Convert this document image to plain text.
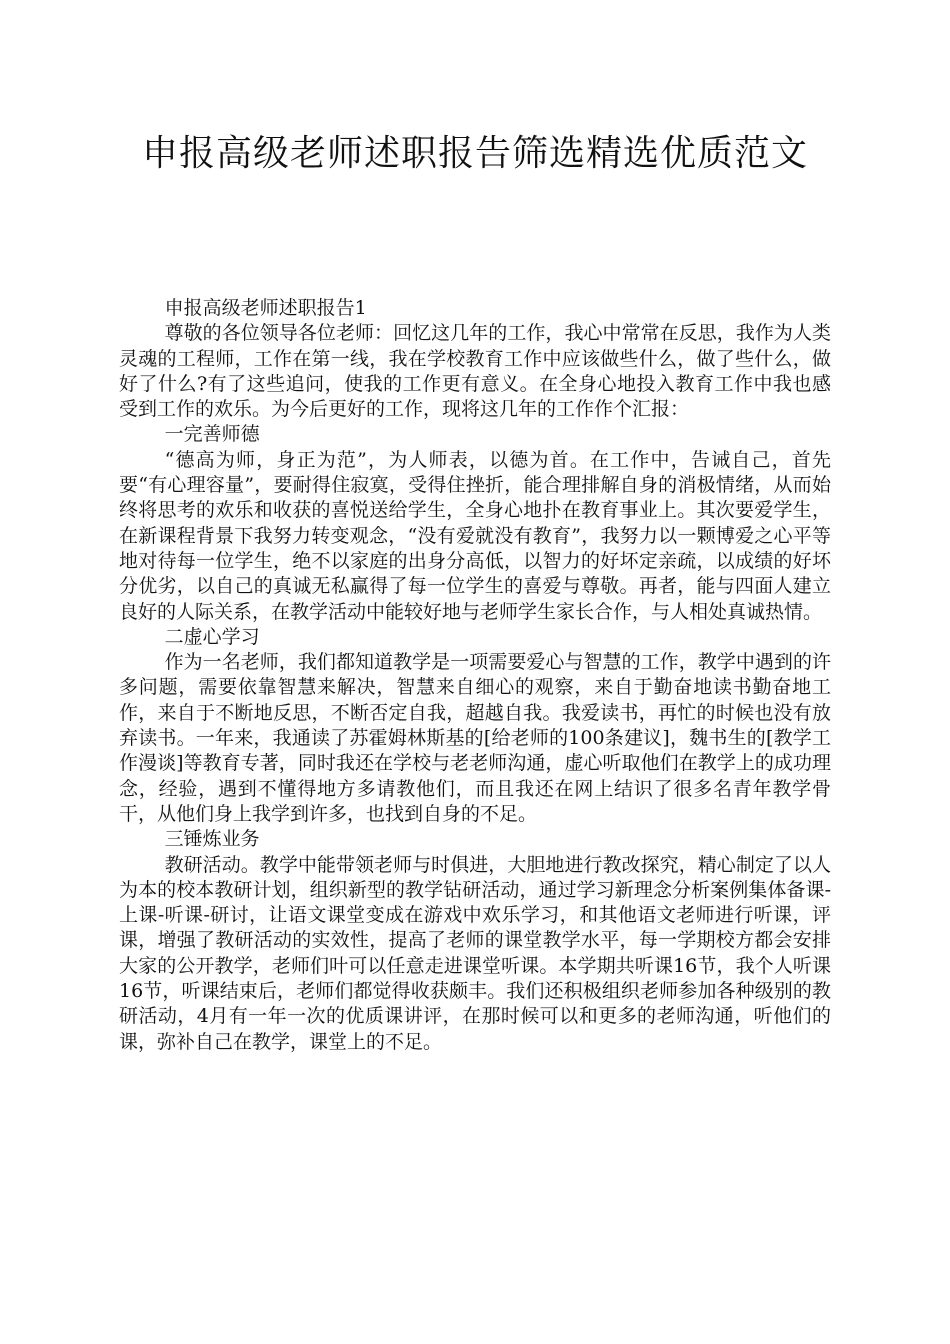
申报高级老师述职报告筛选精选优质范文

申报高级老师述职报告1

尊敬的各位领导各位老师：回忆这几年的工作，我心中常常在反思，我作为人类灵魂的工程师，工作在第一线，我在学校教育工作中应该做些什么，做了些什么，做好了什么?有了这些追问，使我的工作更有意义。在全身心地投入教育工作中我也感受到工作的欢乐。为今后更好的工作，现将这几年的工作作个汇报：

一完善师德

“德高为师，身正为范”，为人师表，以德为首。在工作中，告诫自己，首先要“有心理容量”，要耐得住寂寞，受得住挫折，能合理排解自身的消极情绪，从而始终将思考的欢乐和收获的喜悦送给学生，全身心地扑在教育事业上。其次要爱学生，在新课程背景下我努力转变观念，“没有爱就没有教育”，我努力以一颗博爱之心平等地对待每一位学生，绝不以家庭的出身分高低，以智力的好坏定亲疏，以成绩的好坏分优劣，以自己的真诚无私赢得了每一位学生的喜爱与尊敬。再者，能与四面人建立良好的人际关系，在教学活动中能较好地与老师学生家长合作，与人相处真诚热情。

二虚心学习

作为一名老师，我们都知道教学是一项需要爱心与智慧的工作，教学中遇到的许多问题，需要依靠智慧来解决，智慧来自细心的观察，来自于勤奋地读书勤奋地工作，来自于不断地反思，不断否定自我，超越自我。我爱读书，再忙的时候也没有放弃读书。一年来，我通读了苏霍姆林斯基的[给老师的100条建议]，魏书生的[教学工作漫谈]等教育专著，同时我还在学校与老老师沟通，虚心听取他们在教学上的成功理念，经验，遇到不懂得地方多请教他们，而且我还在网上结识了很多名青年教学骨干，从他们身上我学到许多，也找到自身的不足。

三锤炼业务

教研活动。教学中能带领老师与时俱进，大胆地进行教改探究，精心制定了以人为本的校本教研计划，组织新型的教学钻研活动，通过学习新理念分析案例集体备课-上课-听课-研讨，让语文课堂变成在游戏中欢乐学习，和其他语文老师进行听课，评课，增强了教研活动的实效性，提高了老师的课堂教学水平，每一学期校方都会安排大家的公开教学，老师们叶可以任意走进课堂听课。本学期共听课16节，我个人听课16节，听课结束后，老师们都觉得收获颇丰。我们还积极组织老师参加各种级别的教研活动，4月有一年一次的优质课讲评，在那时候可以和更多的老师沟通，听他们的课，弥补自己在教学，课堂上的不足。
